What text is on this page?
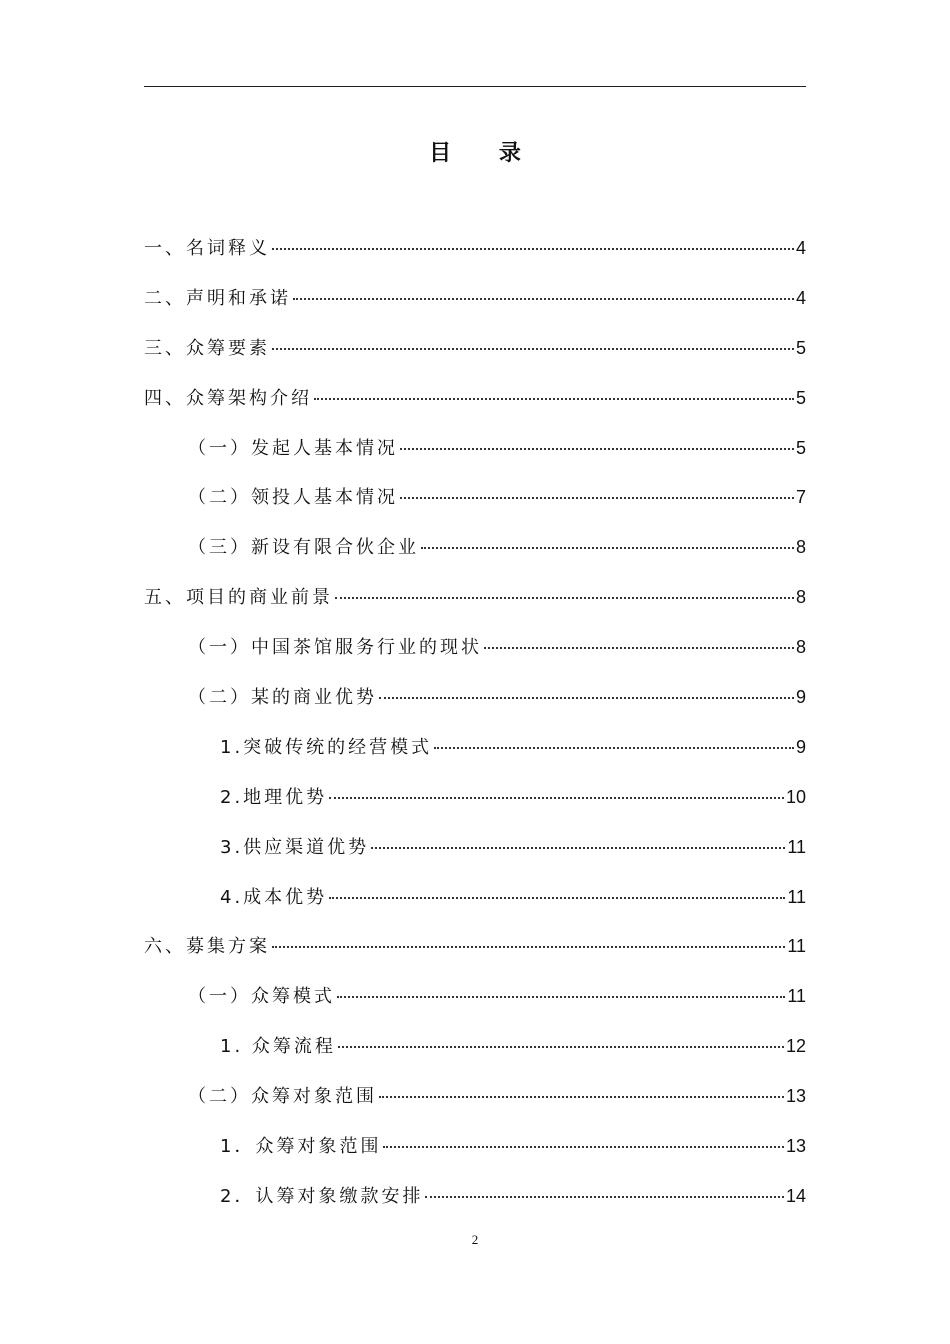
目 录
一、名词释义	4
二、声明和承诺	4
三、众筹要素	5
四、众筹架构介绍	5
（一）发起人基本情况	5
（二）领投人基本情况	7
（三）新设有限合伙企业	8
五、项目的商业前景	8
（一）中国茶馆服务行业的现状	8
（二）某的商业优势	9
1.突破传统的经营模式	9
2.地理优势	10
3.供应渠道优势	11
4.成本优势	11
六、募集方案	11
（一）众筹模式	11
1. 众筹流程	12
（二）众筹对象范围	13
1．众筹对象范围	13
2．认筹对象缴款安排	14
2
